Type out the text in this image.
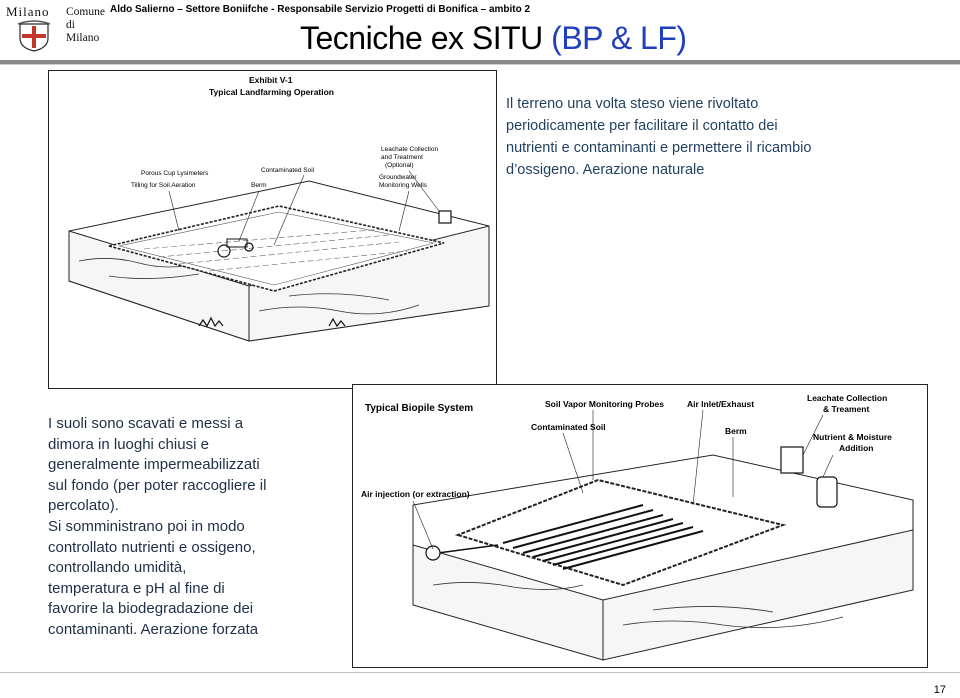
Milano Comune
di Milano
Aldo Salierno – Settore Boniifche - Responsabile Servizio Progetti di Bonifica – ambito 2
Tecniche ex SITU (BP & LF)
Exhibit V-1
Typical Landfarming Operation
Porous Cup Lysimeters
Tilling for Soil Aeration
Contaminated Soil
Berm
Leachate Collection
and Treatment
(Optional)
Groundwater
Monitoring Wells
Typical Biopile System	Soil Vapor Monitoring Probes	Air Inlet/Exhaust
Leachate Collection
& Treament
Contaminated Soil	Berm
Nutrient & Moisture
Addition
Air injection (or extraction)
Il terreno una volta steso viene rivoltato
periodicamente per facilitare il contatto dei
nutrienti e contaminanti e permettere il ricambio
d’ossigeno. Aerazione naturale
I suoli sono scavati e messi a
dimora in luoghi chiusi e
generalmente impermeabilizzati
sul fondo (per poter raccogliere il
percolato).
Si somministrano poi in modo
controllato nutrienti e ossigeno,
controllando umidità,
temperatura e pH al fine di
favorire la biodegradazione dei
contaminanti. Aerazione forzata
17
